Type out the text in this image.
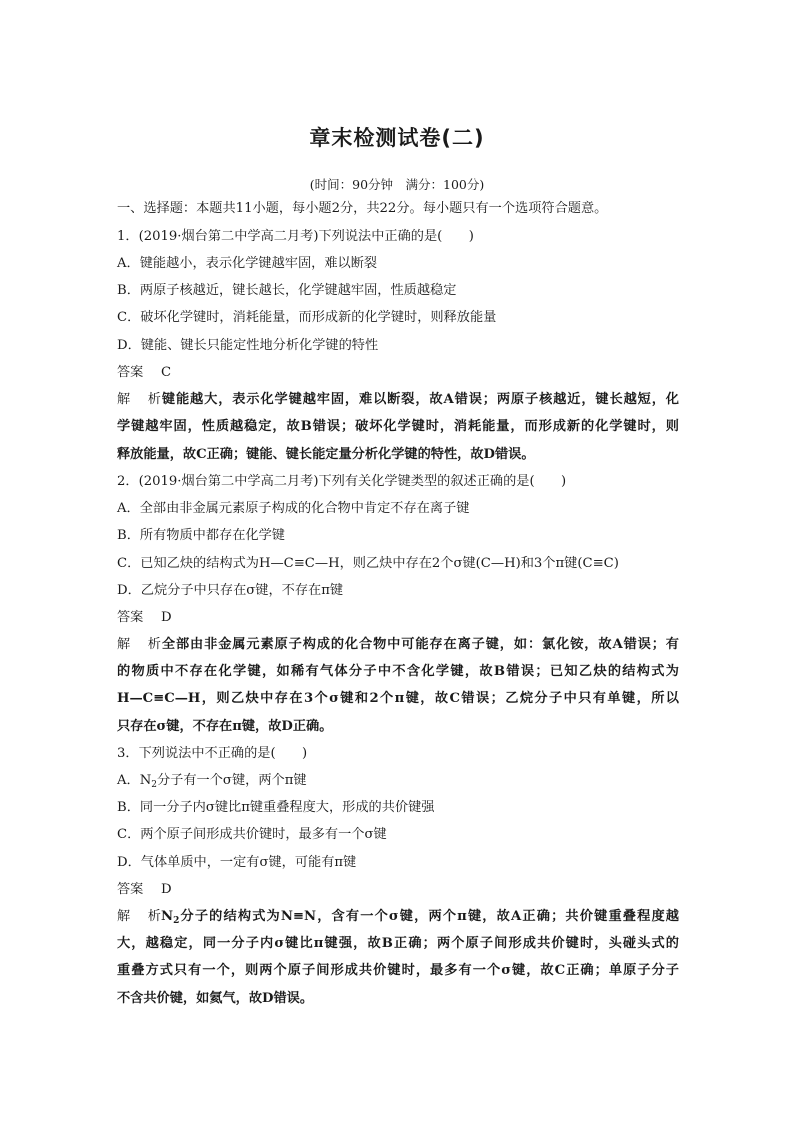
章末检测试卷(二)
(时间：90分钟　满分：100分)
一、选择题：本题共11小题，每小题2分，共22分。每小题只有一个选项符合题意。
1．(2019·烟台第二中学高二月考)下列说法中正确的是(　　)
A．键能越小，表示化学键越牢固，难以断裂
B．两原子核越近，键长越长，化学键越牢固，性质越稳定
C．破坏化学键时，消耗能量，而形成新的化学键时，则释放能量
D．键能、键长只能定性地分析化学键的特性
答案 C
解析键能越大，表示化学键越牢固，难以断裂，故A错误；两原子核越近，键长越短，化
学键越牢固，性质越稳定，故B错误；破坏化学键时，消耗能量，而形成新的化学键时，则
释放能量，故C正确；键能、键长能定量分析化学键的特性，故D错误。
2．(2019·烟台第二中学高二月考)下列有关化学键类型的叙述正确的是(　　)
A．全部由非金属元素原子构成的化合物中肯定不存在离子键
B．所有物质中都存在化学键
C．已知乙炔的结构式为H—C≡C—H，则乙炔中存在2个σ键(C—H)和3个π键(C≡C)
D．乙烷分子中只存在σ键，不存在π键
答案 D
解析全部由非金属元素原子构成的化合物中可能存在离子键，如：氯化铵，故A错误；有
的物质中不存在化学键，如稀有气体分子中不含化学键，故B错误；已知乙炔的结构式为
H—C≡C—H，则乙炔中存在3个σ键和2个π键，故C错误；乙烷分子中只有单键，所以
只存在σ键，不存在π键，故D正确。
3．下列说法中不正确的是(　　)
A．$N_2$分子有一个σ键，两个π键
B．同一分子内σ键比π键重叠程度大，形成的共价键强
C．两个原子间形成共价键时，最多有一个σ键
D．气体单质中，一定有σ键，可能有π键
答案 D
解析$N_2$分子的结构式为N≡N，含有一个σ键，两个π键，故A正确；共价键重叠程度越
大，越稳定，同一分子内σ键比π键强，故B正确；两个原子间形成共价键时，头碰头式的
重叠方式只有一个，则两个原子间形成共价键时，最多有一个σ键，故C正确；单原子分子
不含共价键，如氦气，故D错误。
